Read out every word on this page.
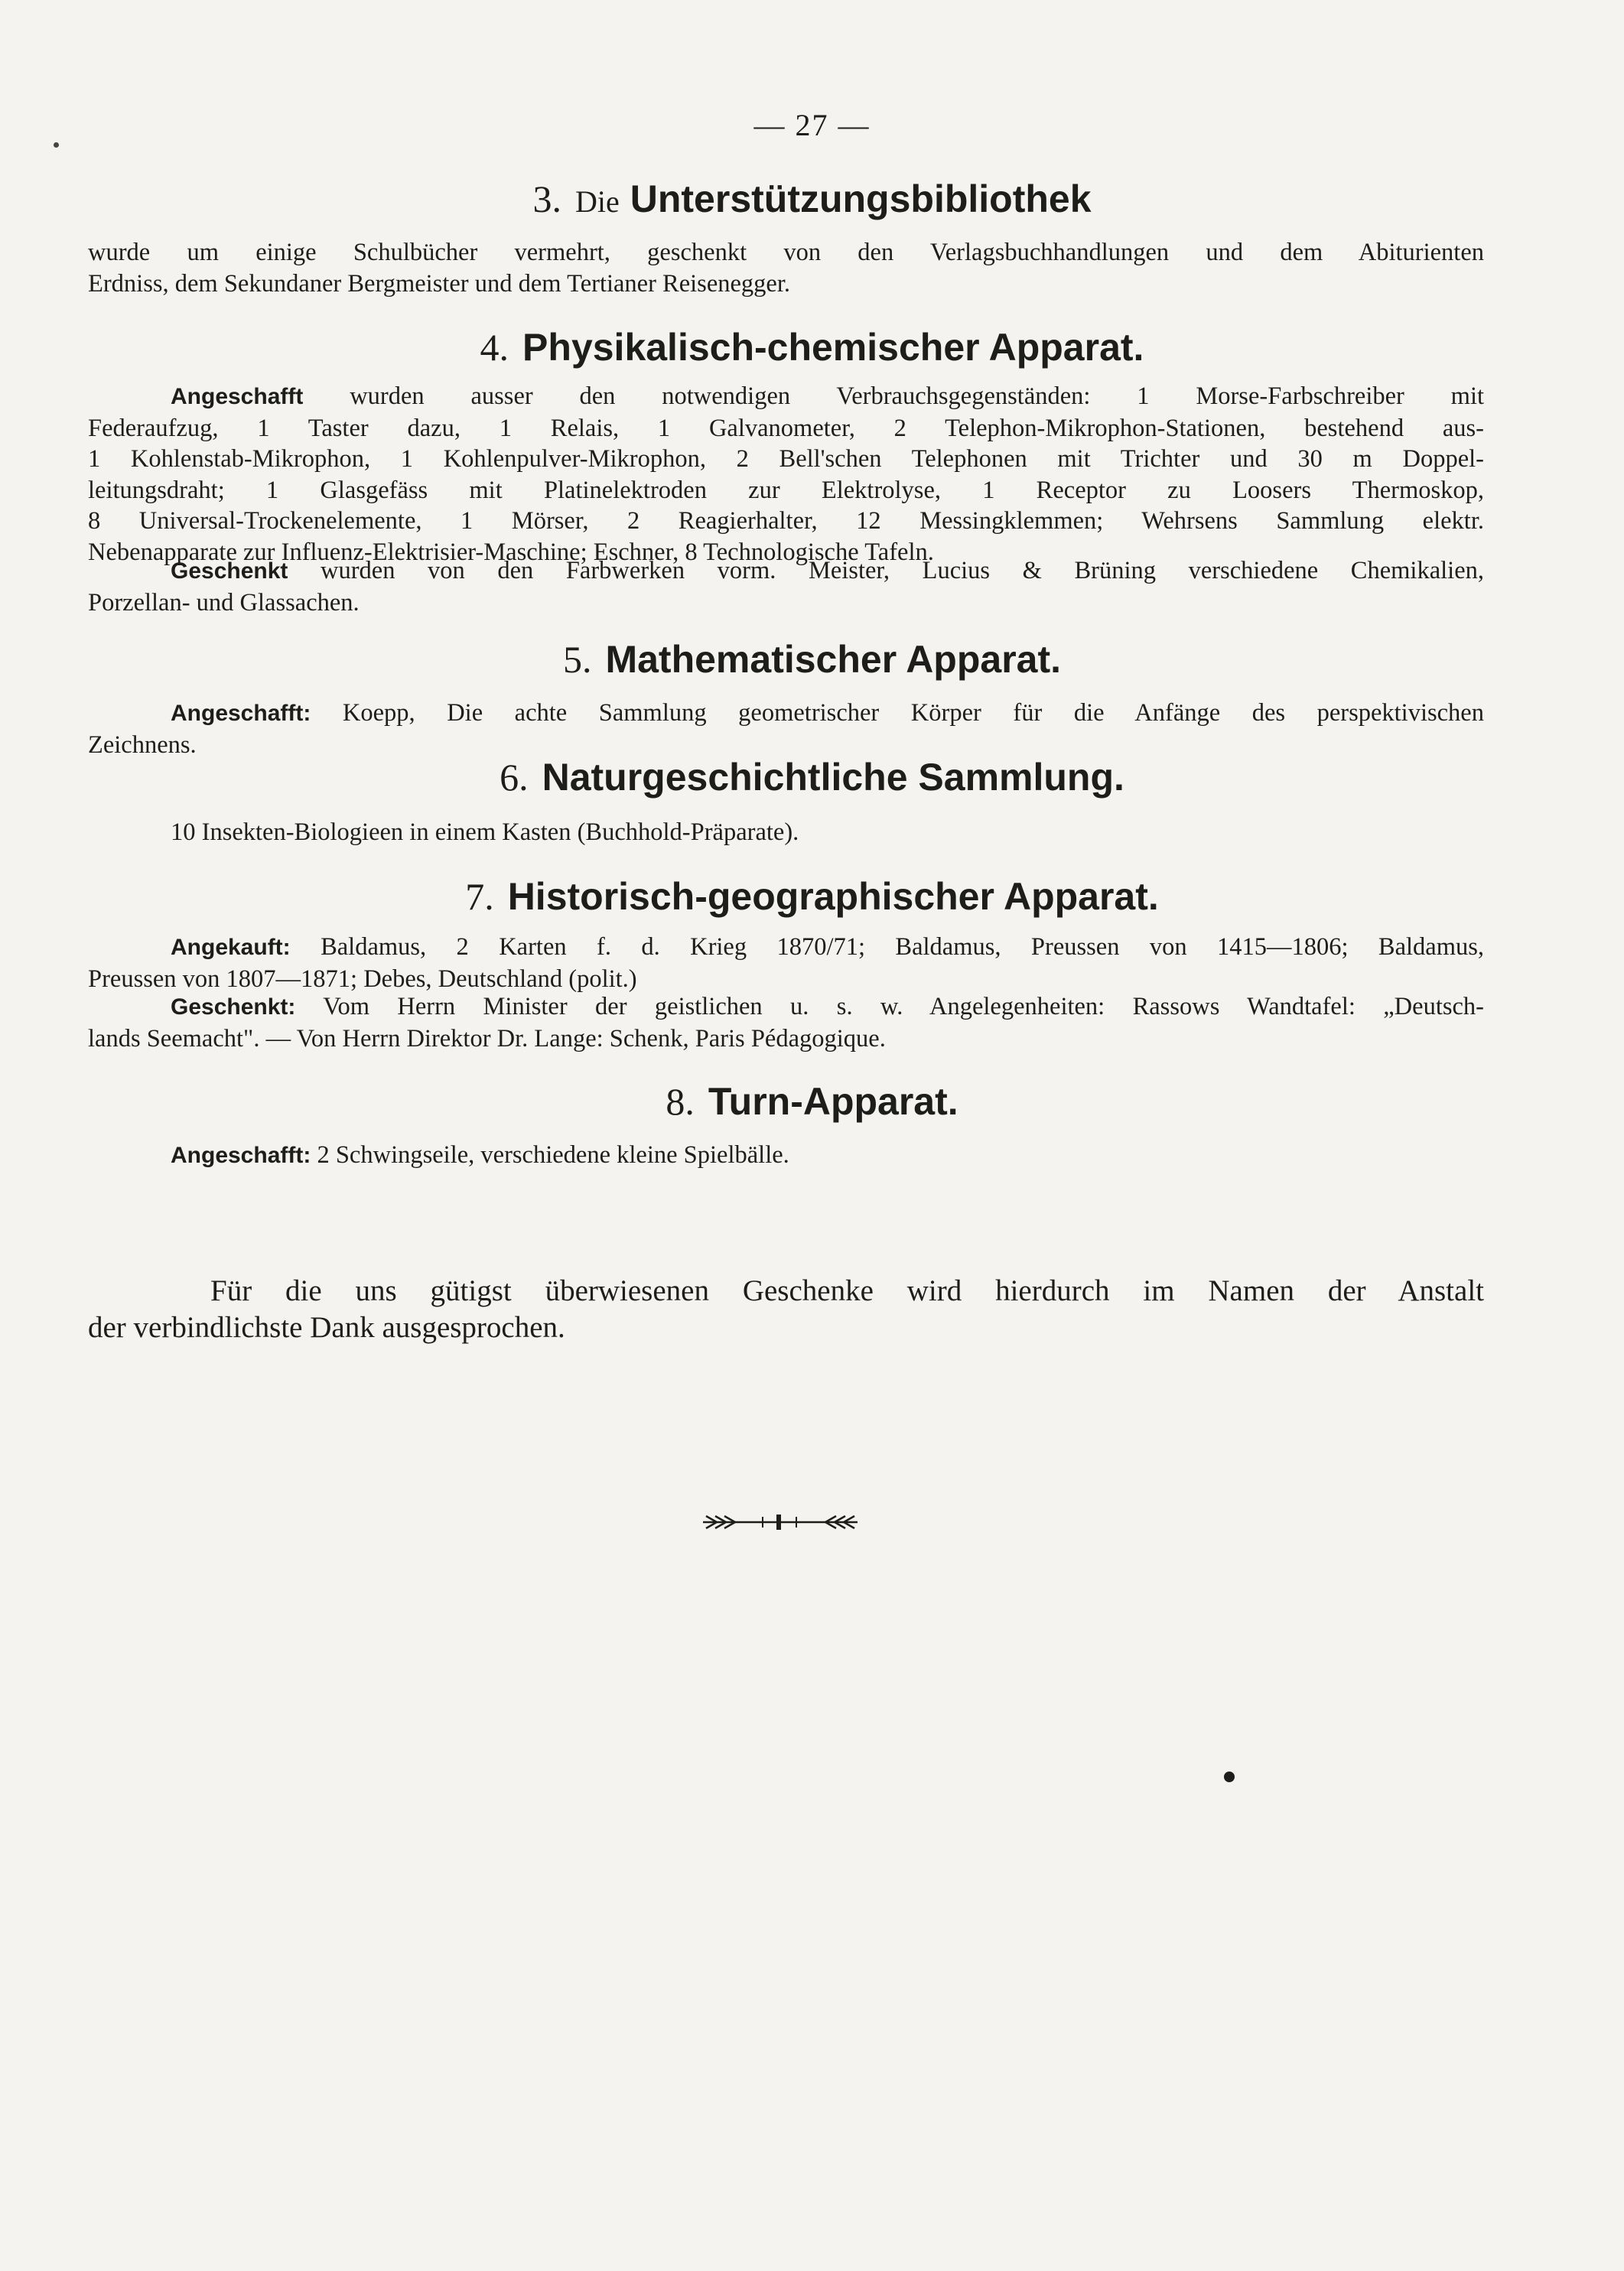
— 27 —
3. Die Unterstützungsbibliothek
wurde um einige Schulbücher vermehrt, geschenkt von den Verlagsbuchhandlungen und dem Abiturienten
Erdniss, dem Sekundaner Bergmeister und dem Tertianer Reisenegger.
4. Physikalisch-chemischer Apparat.
Angeschafft wurden ausser den notwendigen Verbrauchsgegenständen: 1 Morse-Farbschreiber mit
Federaufzug, 1 Taster dazu, 1 Relais, 1 Galvanometer, 2 Telephon-Mikrophon-Stationen, bestehend aus-
1 Kohlenstab-Mikrophon, 1 Kohlenpulver-Mikrophon, 2 Bell'schen Telephonen mit Trichter und 30 m Doppel-
leitungsdraht; 1 Glasgefäss mit Platinelektroden zur Elektrolyse, 1 Receptor zu Loosers Thermoskop,
8 Universal-Trockenelemente, 1 Mörser, 2 Reagierhalter, 12 Messingklemmen; Wehrsens Sammlung elektr.
Nebenapparate zur Influenz-Elektrisier-Maschine; Eschner, 8 Technologische Tafeln.
Geschenkt wurden von den Farbwerken vorm. Meister, Lucius & Brüning verschiedene Chemikalien,
Porzellan- und Glassachen.
5. Mathematischer Apparat.
Angeschafft: Koepp, Die achte Sammlung geometrischer Körper für die Anfänge des perspektivischen
Zeichnens.
6. Naturgeschichtliche Sammlung.
10 Insekten-Biologieen in einem Kasten (Buchhold-Präparate).
7. Historisch-geographischer Apparat.
Angekauft: Baldamus, 2 Karten f. d. Krieg 1870/71; Baldamus, Preussen von 1415—1806; Baldamus,
Preussen von 1807—1871; Debes, Deutschland (polit.)
Geschenkt: Vom Herrn Minister der geistlichen u. s. w. Angelegenheiten: Rassows Wandtafel: „Deutsch-
lands Seemacht". — Von Herrn Direktor Dr. Lange: Schenk, Paris Pédagogique.
8. Turn-Apparat.
Angeschafft: 2 Schwingseile, verschiedene kleine Spielbälle.
Für die uns gütigst überwiesenen Geschenke wird hierdurch im Namen der Anstalt
der verbindlichste Dank ausgesprochen.
